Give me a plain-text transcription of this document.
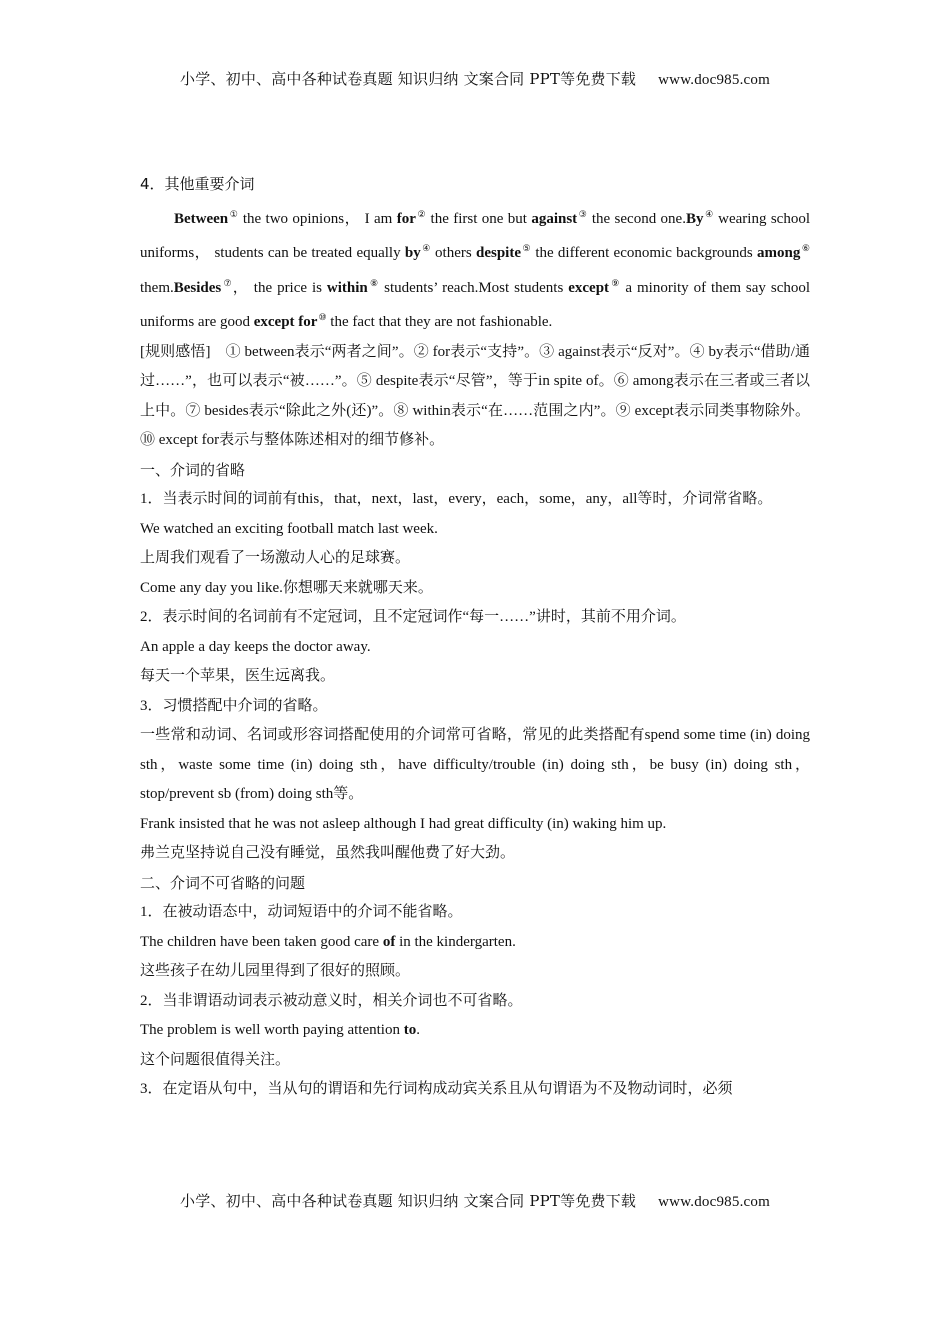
小学、初中、高中各种试卷真题 知识归纳 文案合同 PPT等免费下载 www.doc985.com

4．其他重要介词

Between① the two opinions， I am for② the first one but against③ the second one.By④ wearing school uniforms， students can be treated equally by④ others despite⑤ the different economic backgrounds among⑥ them.Besides⑦， the price is within⑧ students’ reach.Most students except⑨ a minority of them say school uniforms are good except for⑩ the fact that they are not fashionable.

[规则感悟]　① between表示“两者之间”。② for表示“支持”。③ against表示“反对”。④ by表示“借助/通过……”，也可以表示“被……”。⑤ despite表示“尽管”，等于in spite of。⑥ among表示在三者或三者以上中。⑦ besides表示“除此之外(还)”。⑧ within表示“在……范围之内”。⑨ except表示同类事物除外。⑩ except for表示与整体陈述相对的细节修补。

一、介词的省略

1．当表示时间的词前有this，that，next，last，every，each，some，any，all等时，介词常省略。

We watched an exciting football match last week.

上周我们观看了一场激动人心的足球赛。

Come any day you like.你想哪天来就哪天来。

2．表示时间的名词前有不定冠词，且不定冠词作“每一……”讲时，其前不用介词。

An apple a day keeps the doctor away.

每天一个苹果，医生远离我。

3．习惯搭配中介词的省略。

一些常和动词、名词或形容词搭配使用的介词常可省略，常见的此类搭配有spend some time (in) doing sth，waste some time (in) doing sth，have difficulty/trouble (in) doing sth，be busy (in) doing sth，stop/prevent sb (from) doing sth等。

Frank insisted that he was not asleep although I had great difficulty (in) waking him up.

弗兰克坚持说自己没有睡觉，虽然我叫醒他费了好大劲。

二、介词不可省略的问题

1．在被动语态中，动词短语中的介词不能省略。

The children have been taken good care of in the kindergarten.

这些孩子在幼儿园里得到了很好的照顾。

2．当非谓语动词表示被动意义时，相关介词也不可省略。

The problem is well worth paying attention to.

这个问题很值得关注。

3．在定语从句中，当从句的谓语和先行词构成动宾关系且从句谓语为不及物动词时，必须

小学、初中、高中各种试卷真题 知识归纳 文案合同 PPT等免费下载 www.doc985.com
